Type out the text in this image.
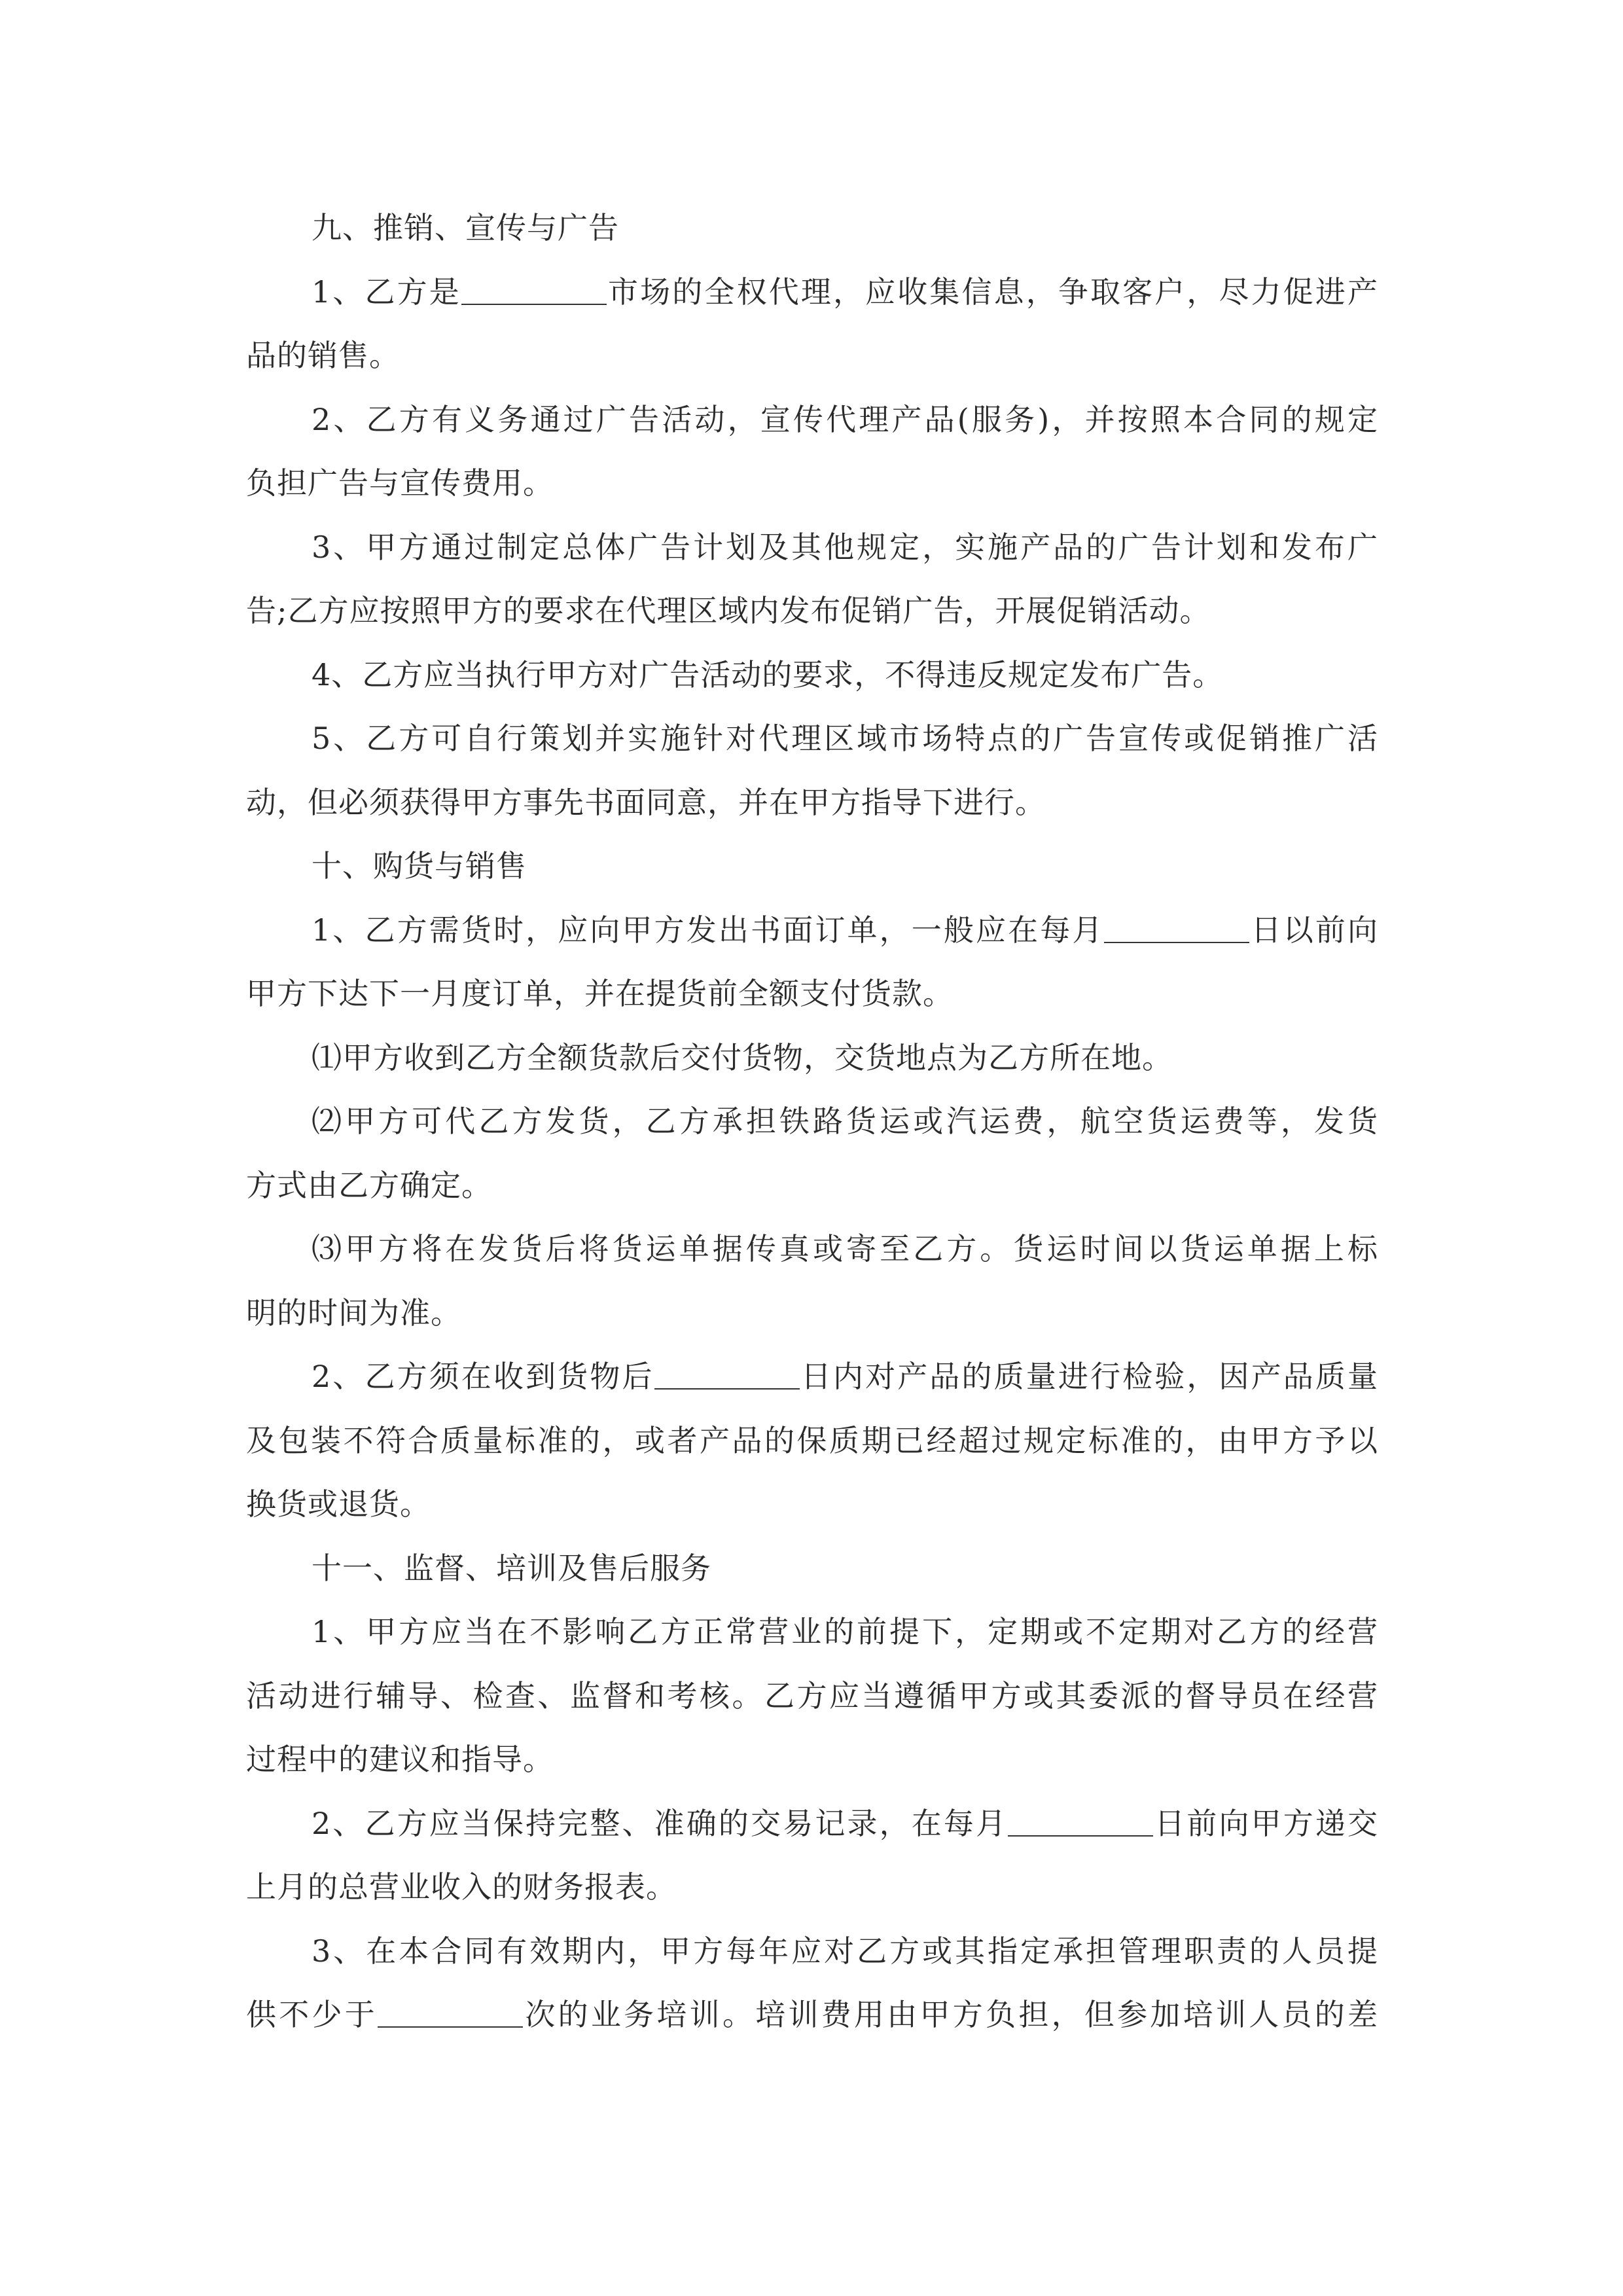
九、推销、宣传与广告
1、乙方是	市场的全权代理，应收集信息，争取客户，尽力促进产
品的销售。
2、乙方有义务通过广告活动，宣传代理产品(服务)，并按照本合同的规定
负担广告与宣传费用。
3、甲方通过制定总体广告计划及其他规定，实施产品的广告计划和发布广
告;乙方应按照甲方的要求在代理区域内发布促销广告，开展促销活动。
4、乙方应当执行甲方对广告活动的要求，不得违反规定发布广告。
5、乙方可自行策划并实施针对代理区域市场特点的广告宣传或促销推广活
动，但必须获得甲方事先书面同意，并在甲方指导下进行。
十、购货与销售
1、乙方需货时，应向甲方发出书面订单，一般应在每月	日以前向
甲方下达下一月度订单，并在提货前全额支付货款。
⑴甲方收到乙方全额货款后交付货物，交货地点为乙方所在地。
⑵甲方可代乙方发货，乙方承担铁路货运或汽运费，航空货运费等，发货
方式由乙方确定。
⑶甲方将在发货后将货运单据传真或寄至乙方。货运时间以货运单据上标
明的时间为准。
2、乙方须在收到货物后	日内对产品的质量进行检验，因产品质量
及包装不符合质量标准的，或者产品的保质期已经超过规定标准的，由甲方予以
换货或退货。
十一、监督、培训及售后服务
1、甲方应当在不影响乙方正常营业的前提下，定期或不定期对乙方的经营
活动进行辅导、检查、监督和考核。乙方应当遵循甲方或其委派的督导员在经营
过程中的建议和指导。
2、乙方应当保持完整、准确的交易记录，在每月	日前向甲方递交
上月的总营业收入的财务报表。
3、在本合同有效期内，甲方每年应对乙方或其指定承担管理职责的人员提
供不少于	次的业务培训。培训费用由甲方负担，但参加培训人员的差
